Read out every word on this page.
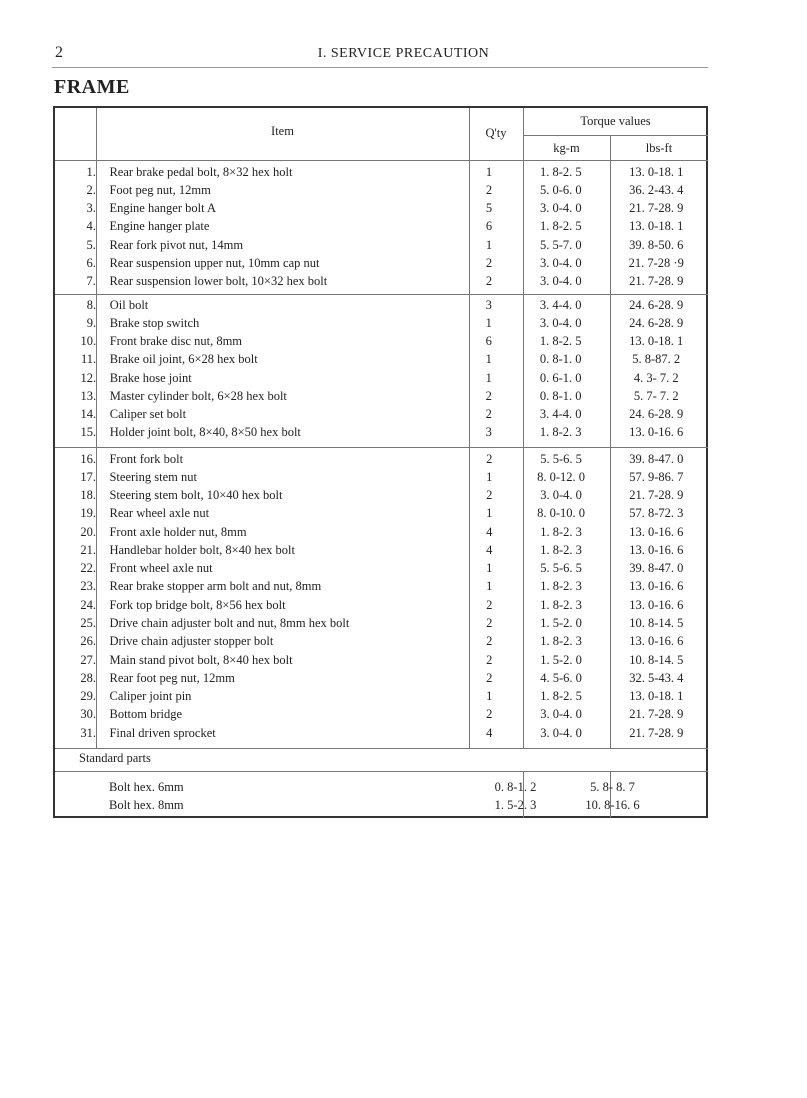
2	I. SERVICE PRECAUTION
FRAME
Item	Q'ty
Torque values
kg-m	lbs-ft
1.		Rear brake pedal bolt, 8×32 hex holt	1	1. 8-2. 5	13. 0-18. 1
2.		Foot peg nut, 12mm	2	5. 0-6. 0	36. 2-43. 4
3.		Engine hanger bolt A	5	3. 0-4. 0	21. 7-28. 9
4.		Engine hanger plate	6	1. 8-2. 5	13. 0-18. 1
5.		Rear fork pivot nut, 14mm	1	5. 5-7. 0	39. 8-50. 6
6.		Rear suspension upper nut, 10mm cap nut	2	3. 0-4. 0	21. 7-28 ·9
7.		Rear suspension lower bolt, 10×32 hex bolt	2	3. 0-4. 0	21. 7-28. 9
8.		Oil bolt	3	3. 4-4. 0	24. 6-28. 9
9.		Brake stop switch	1	3. 0-4. 0	24. 6-28. 9
10.		Front brake disc nut, 8mm	6	1. 8-2. 5	13. 0-18. 1
11.		Brake oil joint, 6×28 hex bolt	1	0. 8-1. 0	5. 8-87. 2
12.		Brake hose joint	1	0. 6-1. 0	4. 3- 7. 2
13.		Master cylinder bolt, 6×28 hex bolt	2	0. 8-1. 0	5. 7- 7. 2
14.		Caliper set bolt	2	3. 4-4. 0	24. 6-28. 9
15.		Holder joint bolt, 8×40, 8×50 hex bolt	3	1. 8-2. 3	13. 0-16. 6
16.		Front fork bolt	2	5. 5-6. 5	39. 8-47. 0
17.		Steering stem nut	1	8. 0-12. 0	57. 9-86. 7
18.		Steering stem bolt, 10×40 hex bolt	2	3. 0-4. 0	21. 7-28. 9
19.		Rear wheel axle nut	1	8. 0-10. 0	57. 8-72. 3
20.		Front axle holder nut, 8mm	4	1. 8-2. 3	13. 0-16. 6
21.		Handlebar holder bolt, 8×40 hex bolt	4	1. 8-2. 3	13. 0-16. 6
22.		Front wheel axle nut	1	5. 5-6. 5	39. 8-47. 0
23.		Rear brake stopper arm bolt and nut, 8mm	1	1. 8-2. 3	13. 0-16. 6
24.		Fork top bridge bolt, 8×56 hex bolt	2	1. 8-2. 3	13. 0-16. 6
25.		Drive chain adjuster bolt and nut, 8mm hex bolt	2	1. 5-2. 0	10. 8-14. 5
26.		Drive chain adjuster stopper bolt	2	1. 8-2. 3	13. 0-16. 6
27.		Main stand pivot bolt, 8×40 hex bolt	2	1. 5-2. 0	10. 8-14. 5
28.		Rear foot peg nut, 12mm	2	4. 5-6. 0	32. 5-43. 4
29.		Caliper joint pin	1	1. 8-2. 5	13. 0-18. 1
30.		Bottom bridge	2	3. 0-4. 0	21. 7-28. 9
31.		Final driven sprocket	4	3. 0-4. 0	21. 7-28. 9
Standard parts
	Bolt hex. 6mm	0. 8-1. 2	5. 8- 8. 7
	Bolt hex. 8mm	1. 5-2. 3	10. 8-16. 6
